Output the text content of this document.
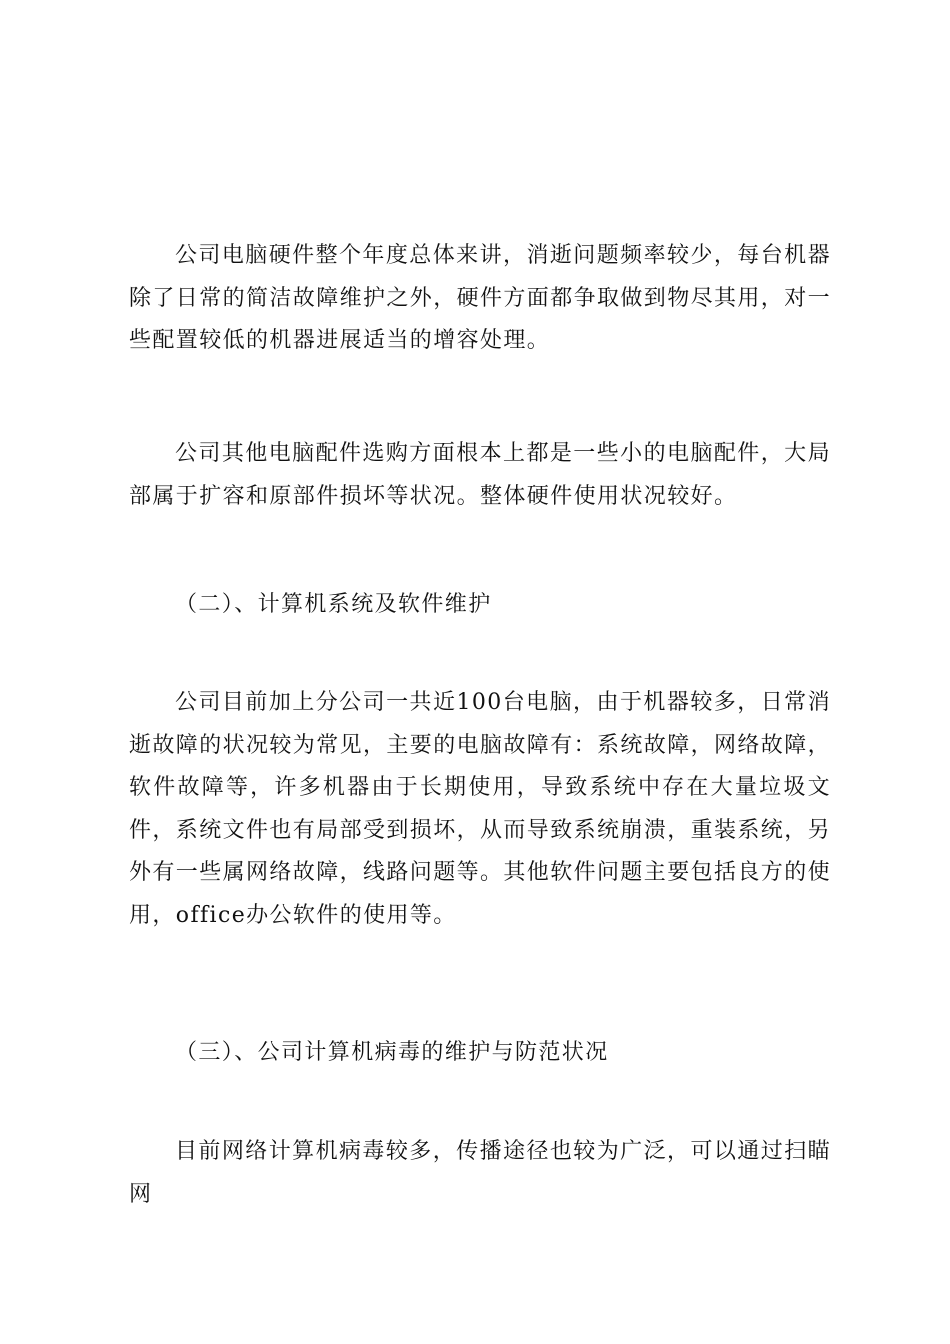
公司电脑硬件整个年度总体来讲，消逝问题频率较少，每台机器除了日常的简洁故障维护之外，硬件方面都争取做到物尽其用，对一些配置较低的机器进展适当的增容处理。

公司其他电脑配件选购方面根本上都是一些小的电脑配件，大局部属于扩容和原部件损坏等状况。整体硬件使用状况较好。

（二）、计算机系统及软件维护

公司目前加上分公司一共近100台电脑，由于机器较多，日常消逝故障的状况较为常见，主要的电脑故障有：系统故障，网络故障，软件故障等，许多机器由于长期使用，导致系统中存在大量垃圾文件，系统文件也有局部受到损坏，从而导致系统崩溃，重装系统，另外有一些属网络故障，线路问题等。其他软件问题主要包括良方的使用，office办公软件的使用等。

（三）、公司计算机病毒的维护与防范状况

目前网络计算机病毒较多，传播途径也较为广泛，可以通过扫瞄网
